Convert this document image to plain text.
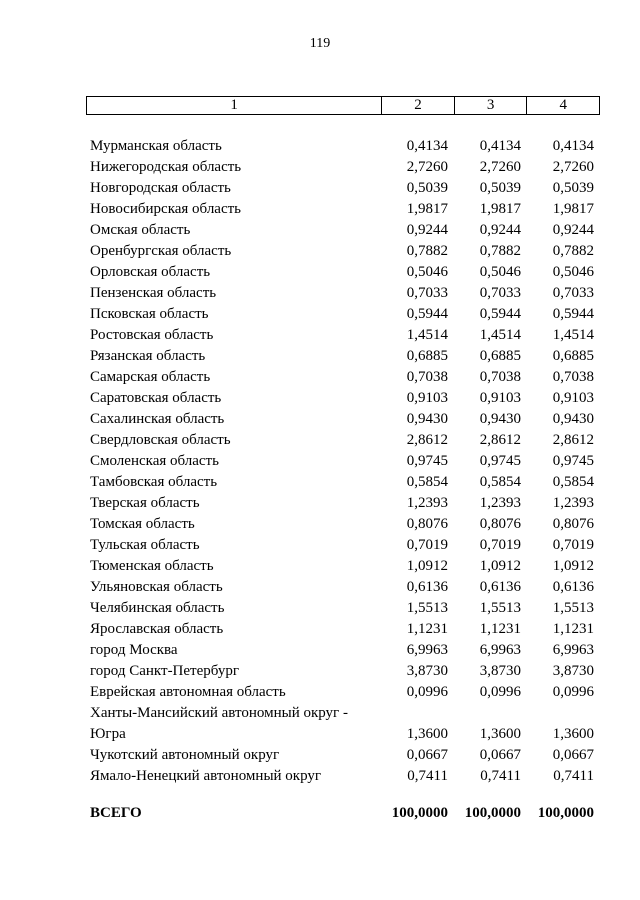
119
1	2	3	4
Мурманская область	0,4134	0,4134	0,4134
Нижегородская область	2,7260	2,7260	2,7260
Новгородская область	0,5039	0,5039	0,5039
Новосибирская область	1,9817	1,9817	1,9817
Омская область	0,9244	0,9244	0,9244
Оренбургская область	0,7882	0,7882	0,7882
Орловская область	0,5046	0,5046	0,5046
Пензенская область	0,7033	0,7033	0,7033
Псковская область	0,5944	0,5944	0,5944
Ростовская область	1,4514	1,4514	1,4514
Рязанская область	0,6885	0,6885	0,6885
Самарская область	0,7038	0,7038	0,7038
Саратовская область	0,9103	0,9103	0,9103
Сахалинская область	0,9430	0,9430	0,9430
Свердловская область	2,8612	2,8612	2,8612
Смоленская область	0,9745	0,9745	0,9745
Тамбовская область	0,5854	0,5854	0,5854
Тверская область	1,2393	1,2393	1,2393
Томская область	0,8076	0,8076	0,8076
Тульская область	0,7019	0,7019	0,7019
Тюменская область	1,0912	1,0912	1,0912
Ульяновская область	0,6136	0,6136	0,6136
Челябинская область	1,5513	1,5513	1,5513
Ярославская область	1,1231	1,1231	1,1231
город Москва	6,9963	6,9963	6,9963
город Санкт-Петербург	3,8730	3,8730	3,8730
Еврейская автономная область	0,0996	0,0996	0,0996
Ханты-Мансийский автономный округ - Югра	1,3600	1,3600	1,3600
Чукотский автономный округ	0,0667	0,0667	0,0667
Ямало-Ненецкий автономный округ	0,7411	0,7411	0,7411
ВСЕГО	100,0000	100,0000	100,0000
